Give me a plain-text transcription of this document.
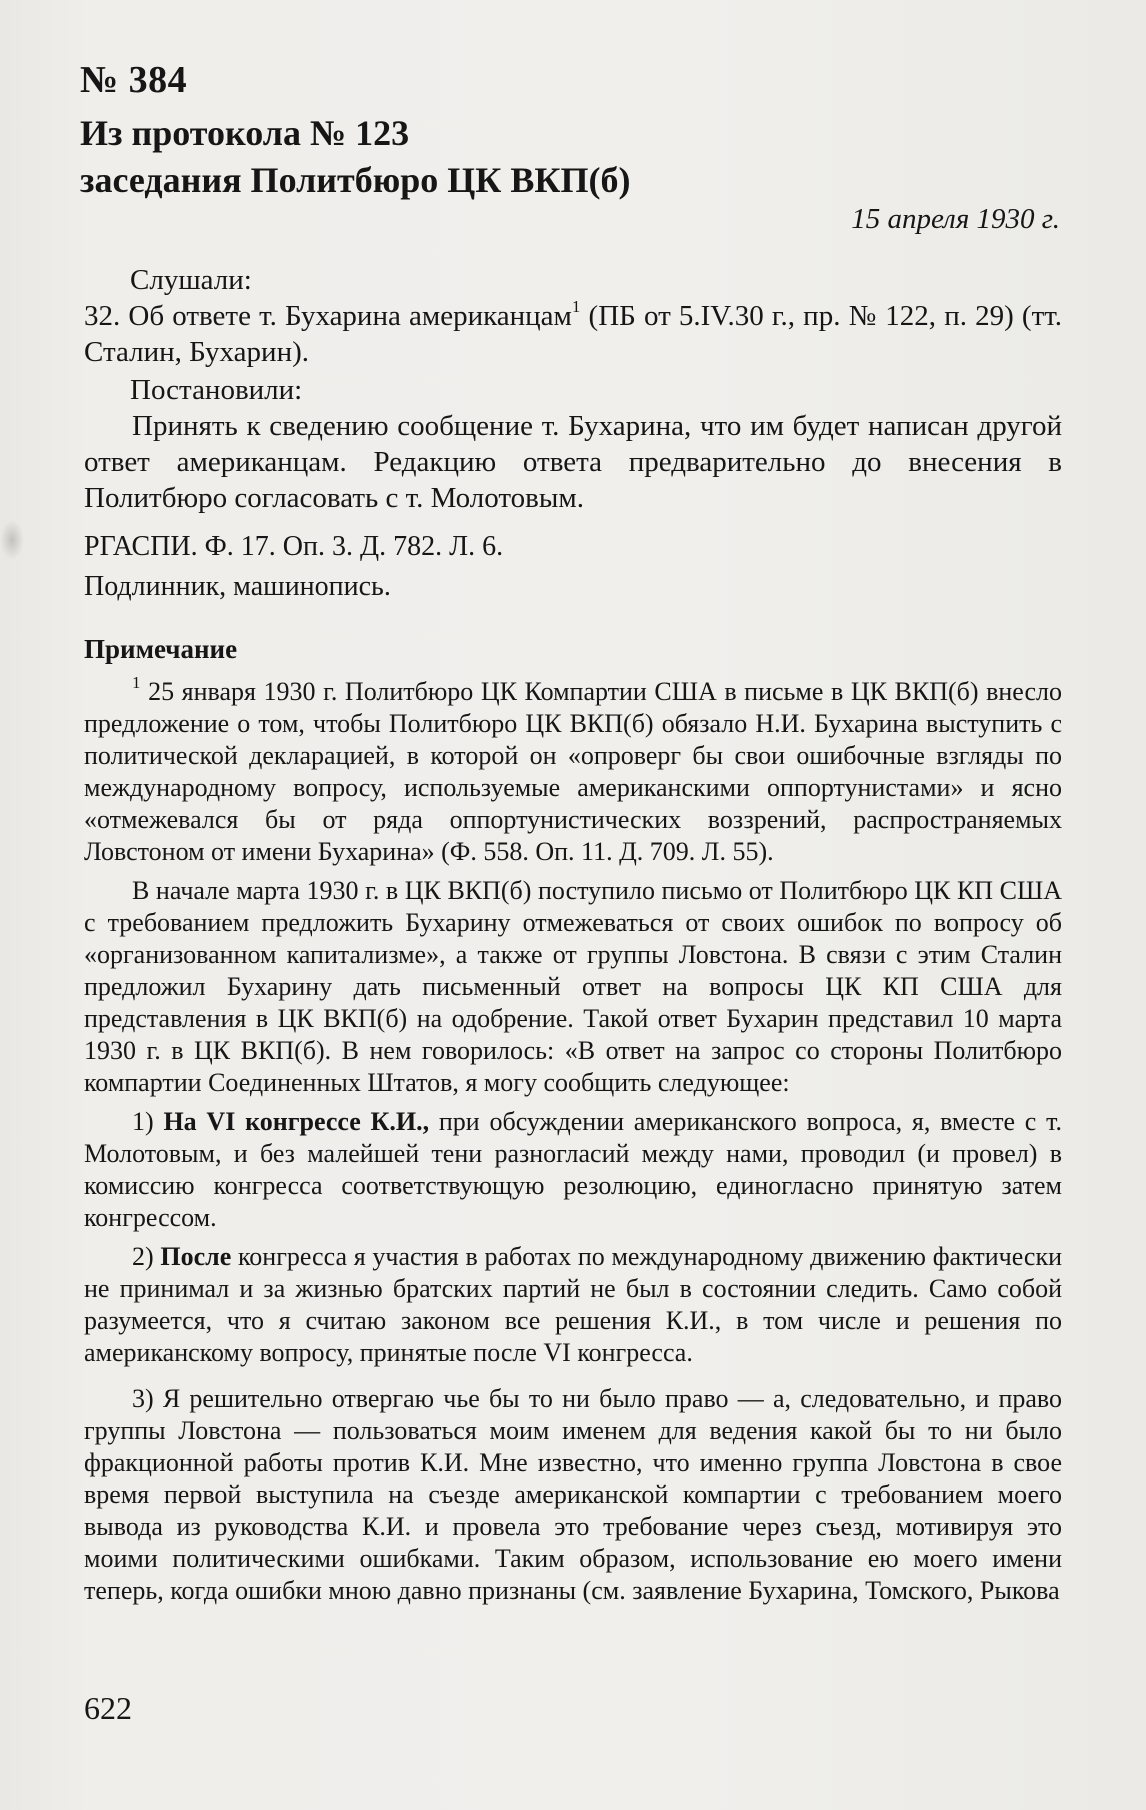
№ 384
Из протокола № 123
заседания Политбюро ЦК ВКП(б)
15 апреля 1930 г.
Слушали:
32. Об ответе т. Бухарина американцам$^1$ (ПБ от 5.IV.30 г., пр. № 122, п. 29) (тт. Сталин, Бухарин).
Постановили:
Принять к сведению сообщение т. Бухарина, что им будет написан другой ответ американцам. Редакцию ответа предварительно до внесения в Политбюро согласовать с т. Молотовым.
РГАСПИ. Ф. 17. Оп. 3. Д. 782. Л. 6.
Подлинник, машинопись.
Примечание

$^1$ 25 января 1930 г. Политбюро ЦК Компартии США в письме в ЦК ВКП(б) внесло предложение о том, чтобы Политбюро ЦК ВКП(б) обязало Н.И. Бухарина выступить с политической декларацией, в которой он «опроверг бы свои ошибочные взгляды по международному вопросу, используемые американскими оппортунистами» и ясно «отмежевался бы от ряда оппортунистических воззрений, распространяемых Ловстоном от имени Бухарина» (Ф. 558. Оп. 11. Д. 709. Л. 55).

В начале марта 1930 г. в ЦК ВКП(б) поступило письмо от Политбюро ЦК КП США с требованием предложить Бухарину отмежеваться от своих ошибок по вопросу об «организованном капитализме», а также от группы Ловстона. В связи с этим Сталин предложил Бухарину дать письменный ответ на вопросы ЦК КП США для представления в ЦК ВКП(б) на одобрение. Такой ответ Бухарин представил 10 марта 1930 г. в ЦК ВКП(б). В нем говорилось: «В ответ на запрос со стороны Политбюро компартии Соединенных Штатов, я могу сообщить следующее:

1) На VI конгрессе К.И., при обсуждении американского вопроса, я, вместе с т. Молотовым, и без малейшей тени разногласий между нами, проводил (и провел) в комиссию конгресса соответствующую резолюцию, единогласно принятую затем конгрессом.

2) После конгресса я участия в работах по международному движению фактически не принимал и за жизнью братских партий не был в состоянии следить. Само собой разумеется, что я считаю законом все решения К.И., в том числе и решения по американскому вопросу, принятые после VI конгресса.

3) Я решительно отвергаю чье бы то ни было право — а, следовательно, и право группы Ловстона — пользоваться моим именем для ведения какой бы то ни было фракционной работы против К.И. Мне известно, что именно группа Ловстона в свое время первой выступила на съезде американской компартии с требованием моего вывода из руководства К.И. и провела это требование через съезд, мотивируя это моими политическими ошибками. Таким образом, использование ею моего имени теперь, когда ошибки мною давно признаны (см. заявление Бухарина, Томского, Рыкова

622
